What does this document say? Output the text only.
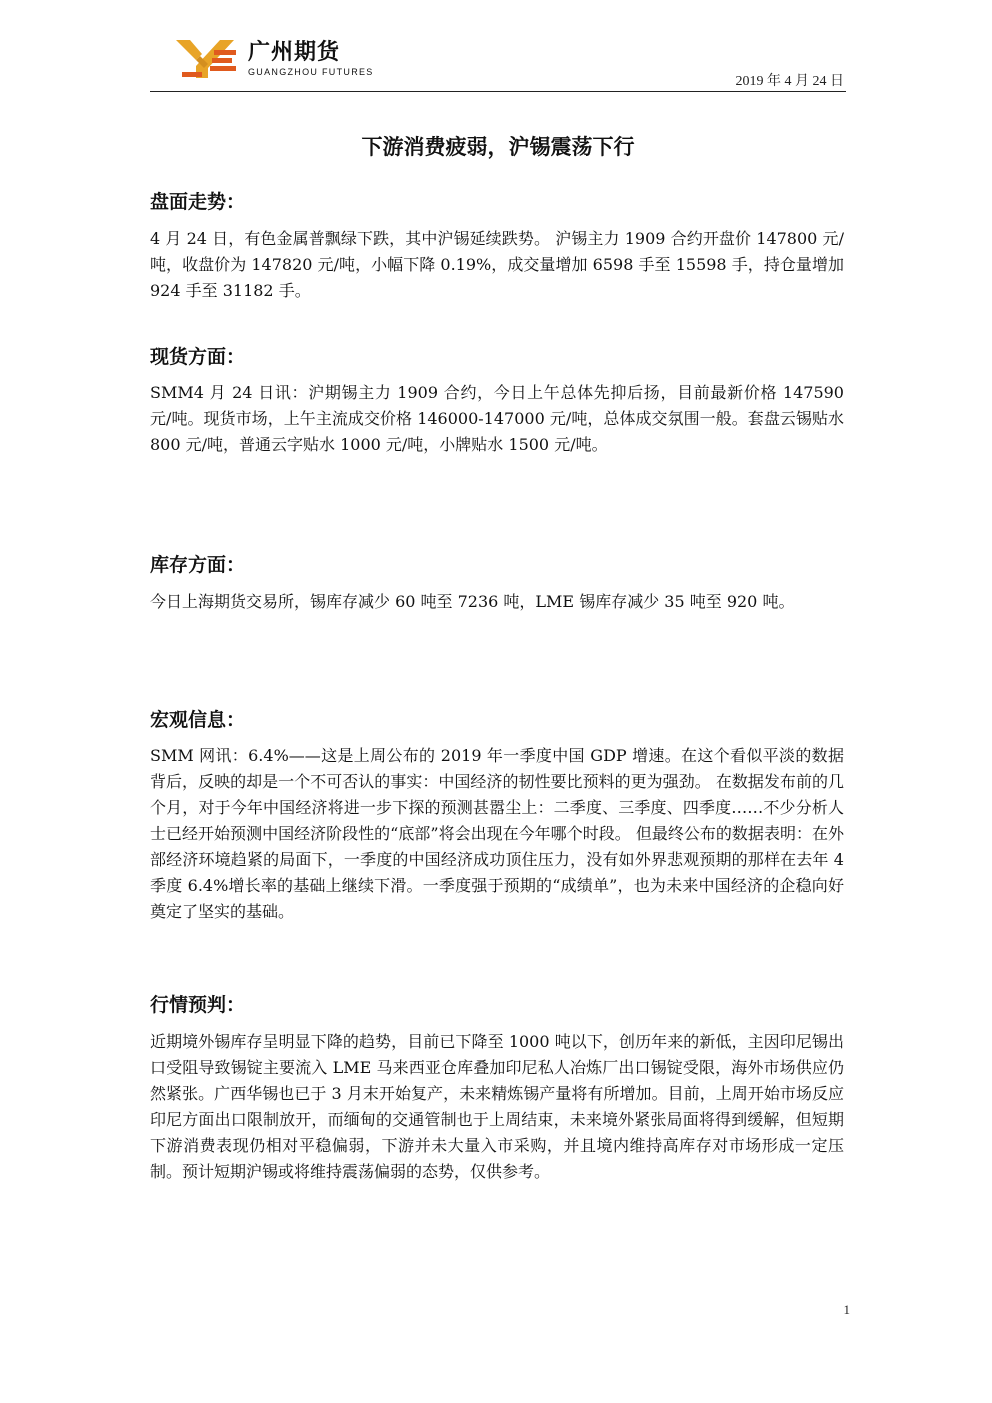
广州期货
GUANGZHOU FUTURES
2019 年 4 月 24 日
下游消费疲弱，沪锡震荡下行
盘面走势：
4 月 24 日，有色金属普飘绿下跌，其中沪锡延续跌势。 沪锡主力 1909 合约开盘价 147800 元/吨，收盘价为 147820 元/吨，小幅下降 0.19%，成交量增加 6598 手至 15598 手，持仓量增加 924 手至 31182 手。
现货方面：
SMM4 月 24 日讯：沪期锡主力 1909 合约，今日上午总体先抑后扬，目前最新价格 147590 元/吨。现货市场，上午主流成交价格 146000-147000 元/吨，总体成交氛围一般。套盘云锡贴水 800 元/吨，普通云字贴水 1000 元/吨，小牌贴水 1500 元/吨。
库存方面：
今日上海期货交易所，锡库存减少 60 吨至 7236 吨，LME 锡库存减少 35 吨至 920 吨。
宏观信息：
SMM 网讯：6.4%——这是上周公布的 2019 年一季度中国 GDP 增速。在这个看似平淡的数据背后，反映的却是一个不可否认的事实：中国经济的韧性要比预料的更为强劲。 在数据发布前的几个月，对于今年中国经济将进一步下探的预测甚嚣尘上：二季度、三季度、四季度……不少分析人士已经开始预测中国经济阶段性的“底部”将会出现在今年哪个时段。 但最终公布的数据表明：在外部经济环境趋紧的局面下，一季度的中国经济成功顶住压力，没有如外界悲观预期的那样在去年 4 季度 6.4%增长率的基础上继续下滑。一季度强于预期的“成绩单”，也为未来中国经济的企稳向好奠定了坚实的基础。
行情预判：
近期境外锡库存呈明显下降的趋势，目前已下降至 1000 吨以下，创历年来的新低，主因印尼锡出口受阻导致锡锭主要流入 LME 马来西亚仓库叠加印尼私人冶炼厂出口锡锭受限，海外市场供应仍然紧张。广西华锡也已于 3 月末开始复产，未来精炼锡产量将有所增加。目前，上周开始市场反应印尼方面出口限制放开，而缅甸的交通管制也于上周结束，未来境外紧张局面将得到缓解，但短期下游消费表现仍相对平稳偏弱，下游并未大量入市采购，并且境内维持高库存对市场形成一定压制。预计短期沪锡或将维持震荡偏弱的态势，仅供参考。
1
